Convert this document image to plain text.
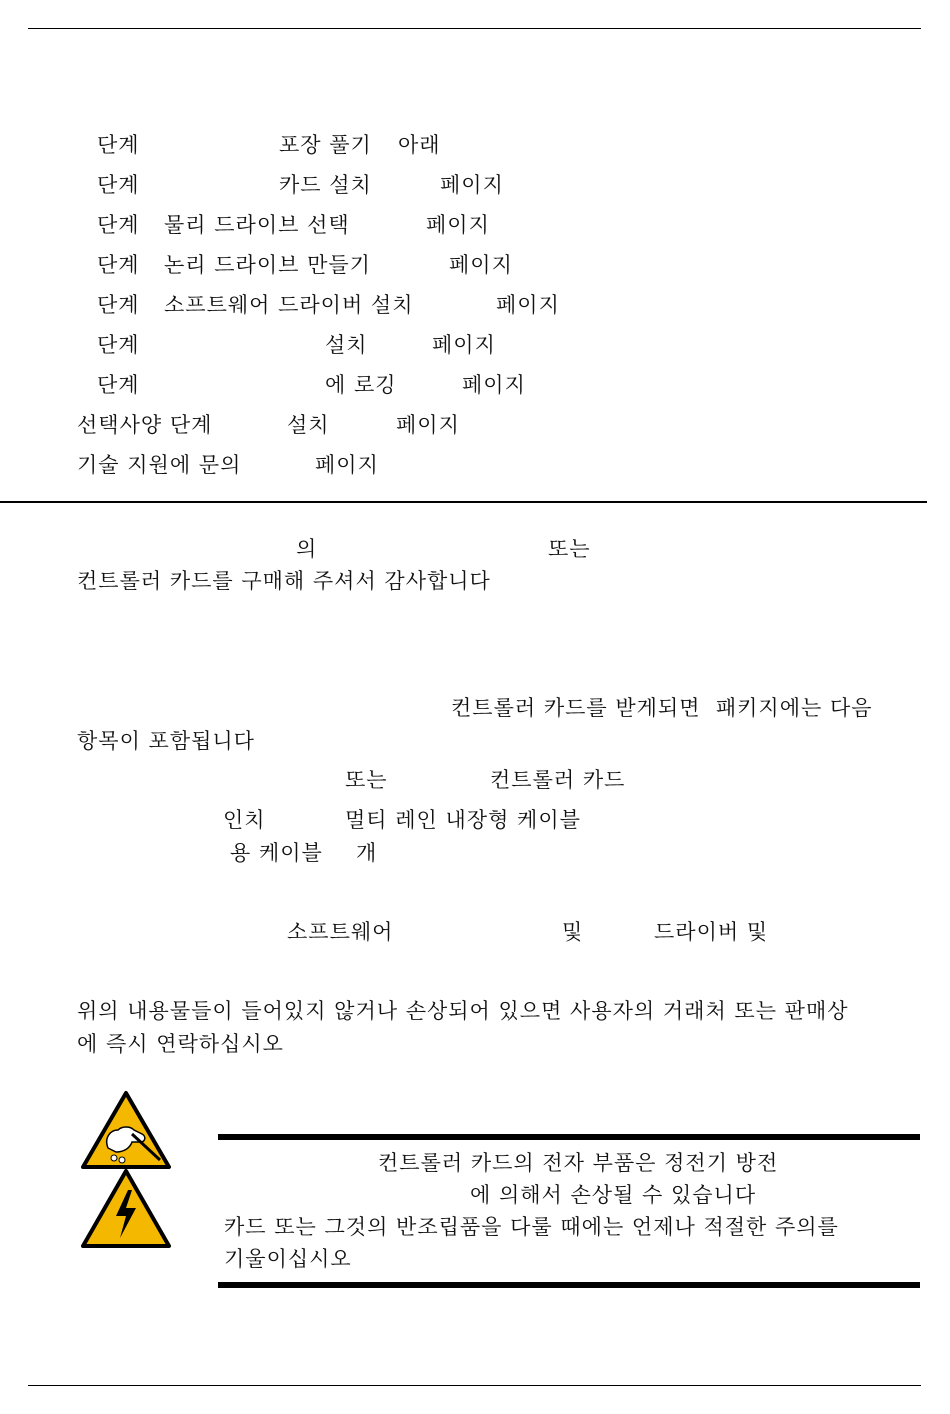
단계	포장 풀기 아래
단계	카드 설치	페이지
단계 물리 드라이브 선택	페이지
단계 논리 드라이브 만들기	페이지
단계 소프트웨어 드라이버 설치	페이지
단계	설치	페이지
단계	에 로깅	페이지
선택사양 단계	설치	페이지
기술 지원에 문의	페이지
의	또는
컨트롤러 카드를 구매해 주셔서 감사합니다
컨트롤러 카드를 받게되면  패키지에는 다음
항목이 포함됩니다
또는	컨트롤러 카드
인치	멀티 레인 내장형 케이블
용 케이블 개
소프트웨어	및	드라이버 및
위의 내용물들이 들어있지 않거나 손상되어 있으면 사용자의 거래처 또는 판매상
에 즉시 연락하십시오
컨트롤러 카드의 전자 부품은 정전기 방전
에 의해서 손상될 수 있습니다
카드 또는 그것의 반조립품을 다룰 때에는 언제나 적절한 주의를
기울이십시오
